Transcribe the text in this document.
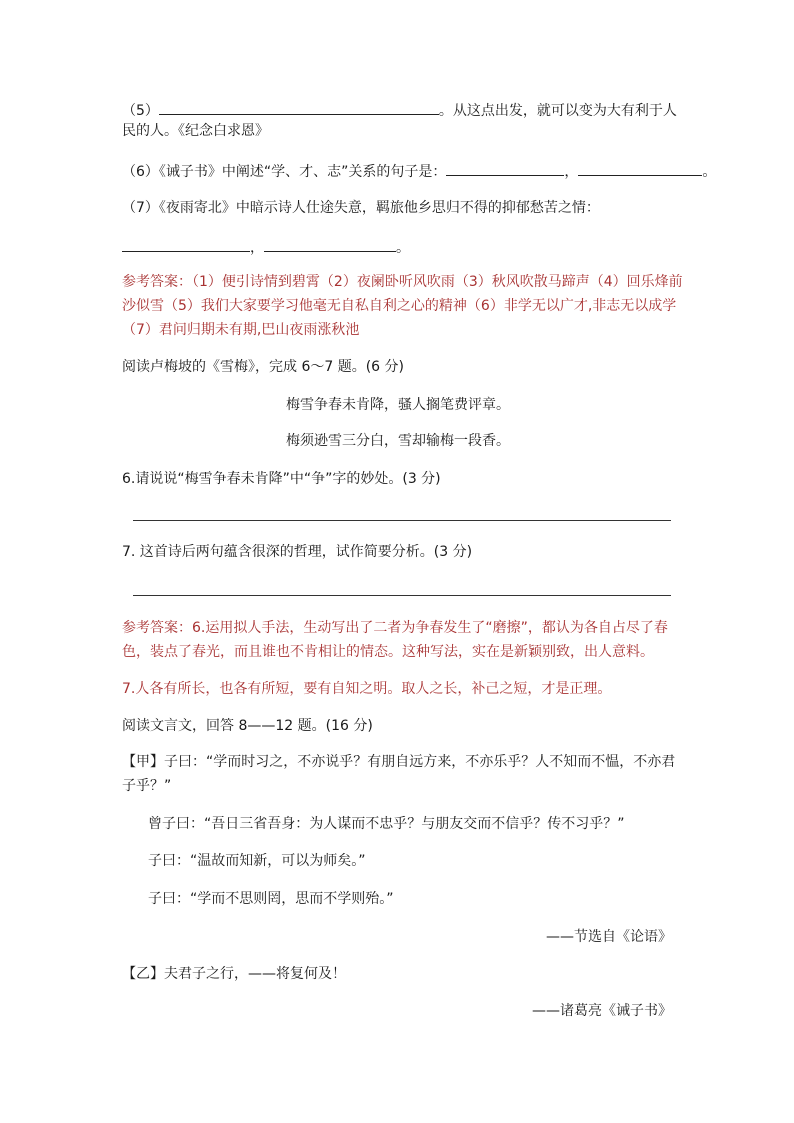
（5）	。从这点出发，就可以变为大有利于人
民的人。《纪念白求恩》
（6）《诫子书》中阐述“学、才、志”关系的句子是：	，	。
（7）《夜雨寄北》中暗示诗人仕途失意，羁旅他乡思归不得的抑郁愁苦之情：
，	。
参考答案：（1）便引诗情到碧霄（2）夜阑卧听风吹雨（3）秋风吹散马蹄声（4）回乐烽前
沙似雪（5）我们大家要学习他毫无自私自利之心的精神（6）非学无以广才,非志无以成学
（7）君问归期未有期,巴山夜雨涨秋池
阅读卢梅坡的《雪梅》，完成 6～7 题。(6 分)
梅雪争春未肯降，骚人搁笔费评章。
梅须逊雪三分白，雪却输梅一段香。
6.请说说“梅雪争春未肯降”中“争”字的妙处。(3 分)
7. 这首诗后两句蕴含很深的哲理，试作简要分析。(3 分)
参考答案：6.运用拟人手法，生动写出了二者为争春发生了“磨擦”，都认为各自占尽了春
色，装点了春光，而且谁也不肯相让的情态。这种写法，实在是新颖别致，出人意料。
7.人各有所长，也各有所短，要有自知之明。取人之长，补己之短，才是正理。
阅读文言文，回答 8——12 题。(16 分)
【甲】子曰：“学而时习之，不亦说乎？有朋自远方来，不亦乐乎？人不知而不愠，不亦君
子乎？”
曾子曰：“吾日三省吾身：为人谋而不忠乎？与朋友交而不信乎？传不习乎？”
子曰：“温故而知新，可以为师矣。”
子曰：“学而不思则罔，思而不学则殆。”
——节选自《论语》
【乙】夫君子之行，——将复何及！
——诸葛亮《诫子书》
